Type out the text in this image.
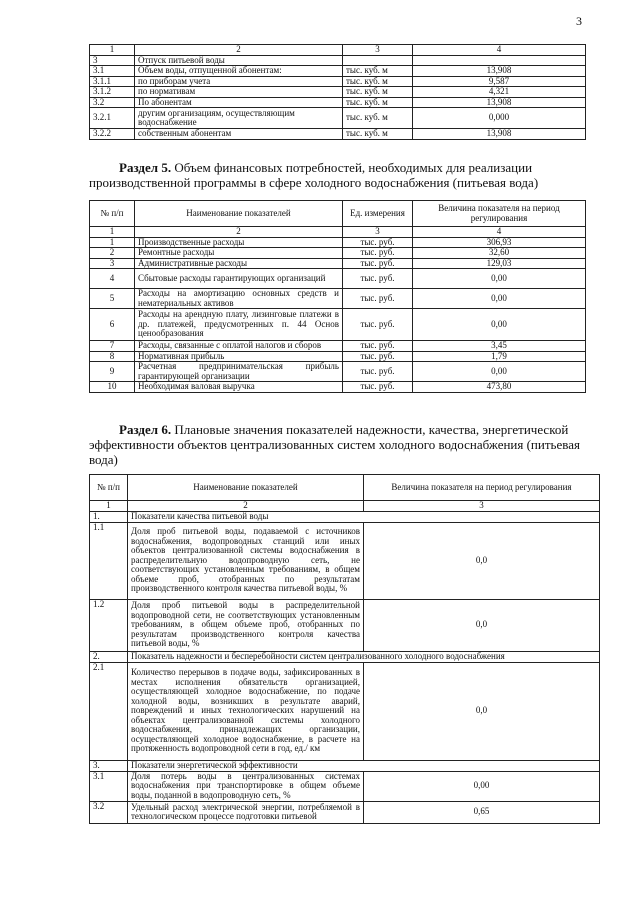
3
1	2	3	4
3	Отпуск питьевой воды		
3.1	Объем воды, отпущенной абонентам:	тыс. куб. м	13,908
3.1.1	по приборам учета	тыс. куб. м	9,587
3.1.2	по нормативам	тыс. куб. м	4,321
3.2	По абонентам	тыс. куб. м	13,908
3.2.1	другим организациям, осуществляющим водоснабжение	тыс. куб. м	0,000
3.2.2	собственным абонентам	тыс. куб. м	13,908
Раздел 5. Объем финансовых потребностей, необходимых для реализации производственной программы в сфере холодного водоснабжения (питьевая вода)
№ п/п	Наименование показателей	Ед. измерения	Величина показателя на период регулирования
1	2	3	4
1	Производственные расходы	тыс. руб.	306,93
2	Ремонтные расходы	тыс. руб.	32,60
3	Административные расходы	тыс. руб.	129,03
4	Сбытовые расходы гарантирующих организаций	тыс. руб.	0,00
5	Расходы на амортизацию основных средств и нематериальных активов	тыс. руб.	0,00
6	Расходы на арендную плату, лизинговые платежи в др. платежей, предусмотренных п. 44 Основ ценообразования	тыс. руб.	0,00
7	Расходы, связанные с оплатой налогов и сборов	тыс. руб.	3,45
8	Нормативная прибыль	тыс. руб.	1,79
9	Расчетная предпринимательская прибыль гарантирующей организации	тыс. руб.	0,00
10	Необходимая валовая выручка	тыс. руб.	473,80
Раздел 6. Плановые значения показателей надежности, качества, энергетической эффективности объектов централизованных систем холодного водоснабжения (питьевая вода)
№ п/п	Наименование показателей	Величина показателя на период регулирования
1	2	3
1.	Показатели качества питьевой воды	
1.1	Доля проб питьевой воды, подаваемой с источников водоснабжения, водопроводных станций или иных объектов централизованной системы водоснабжения в распределительную водопроводную сеть, не соответствующих установленным требованиям, в общем объеме проб, отобранных по результатам производственного контроля качества питьевой воды, %	0,0
1.2	Доля проб питьевой воды в распределительной водопроводной сети, не соответствующих установленным требованиям, в общем объеме проб, отобранных по результатам производственного контроля качества питьевой воды, %	0,0
2.	Показатель надежности и бесперебойности систем централизованного холодного водоснабжения	
2.1	Количество перерывов в подаче воды, зафиксированных в местах исполнения обязательств организацией, осуществляющей холодное водоснабжение, по подаче холодной воды, возникших в результате аварий, повреждений и иных технологических нарушений на объектах централизованной системы холодного водоснабжения, принадлежащих организации, осуществляющей холодное водоснабжение, в расчете на протяженность водопроводной сети в год, ед./ км	0,0
3.	Показатели энергетической эффективности	
3.1	Доля потерь воды в централизованных системах водоснабжения при транспортировке в общем объеме воды, поданной в водопроводную сеть, %	0,00
3.2	Удельный расход электрической энергии, потребляемой в технологическом процессе подготовки питьевой	0,65
